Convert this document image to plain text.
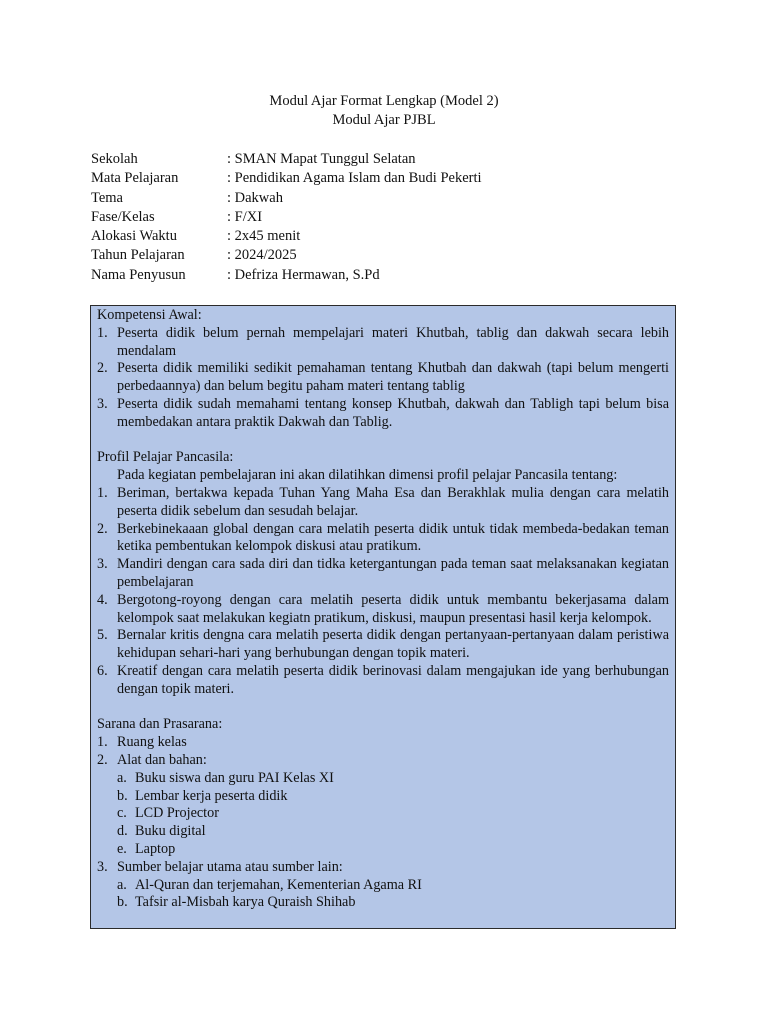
Modul Ajar Format Lengkap (Model 2)
Modul Ajar PJBL
Sekolah	: SMAN Mapat Tunggul Selatan
Mata Pelajaran	: Pendidikan Agama Islam dan Budi Pekerti
Tema	: Dakwah
Fase/Kelas	: F/XI
Alokasi Waktu	: 2x45 menit
Tahun Pelajaran	: 2024/2025
Nama Penyusun	: Defriza Hermawan, S.Pd
Kompetensi Awal:
1. Peserta didik belum pernah mempelajari materi Khutbah, tablig dan dakwah secara lebih mendalam
2. Peserta didik memiliki sedikit pemahaman tentang Khutbah dan dakwah (tapi belum mengerti perbedaannya) dan belum begitu paham materi tentang tablig
3. Peserta didik sudah memahami tentang konsep Khutbah, dakwah dan Tabligh tapi belum bisa membedakan antara praktik Dakwah dan Tablig.
Profil Pelajar Pancasila:
Pada kegiatan pembelajaran ini akan dilatihkan dimensi profil pelajar Pancasila tentang:
1. Beriman, bertakwa kepada Tuhan Yang Maha Esa dan Berakhlak mulia dengan cara melatih peserta didik sebelum dan sesudah belajar.
2. Berkebinekaaan global dengan cara melatih peserta didik untuk tidak membeda-bedakan teman ketika pembentukan kelompok diskusi atau pratikum.
3. Mandiri dengan cara sada diri dan tidka ketergantungan pada teman saat melaksanakan kegiatan pembelajaran
4. Bergotong-royong dengan cara melatih peserta didik untuk membantu bekerjasama dalam kelompok saat melakukan kegiatn pratikum, diskusi, maupun presentasi hasil kerja kelompok.
5. Bernalar kritis dengna cara melatih peserta didik dengan pertanyaan-pertanyaan dalam peristiwa kehidupan sehari-hari yang berhubungan dengan topik materi.
6. Kreatif dengan cara melatih peserta didik berinovasi dalam mengajukan ide yang berhubungan dengan topik materi.
Sarana dan Prasarana:
1. Ruang kelas
2. Alat dan bahan:
a. Buku siswa dan guru PAI Kelas XI
b. Lembar kerja peserta didik
c. LCD Projector
d. Buku digital
e. Laptop
3. Sumber belajar utama atau sumber lain:
a. Al-Quran dan terjemahan, Kementerian Agama RI
b. Tafsir al-Misbah karya Quraish Shihab
